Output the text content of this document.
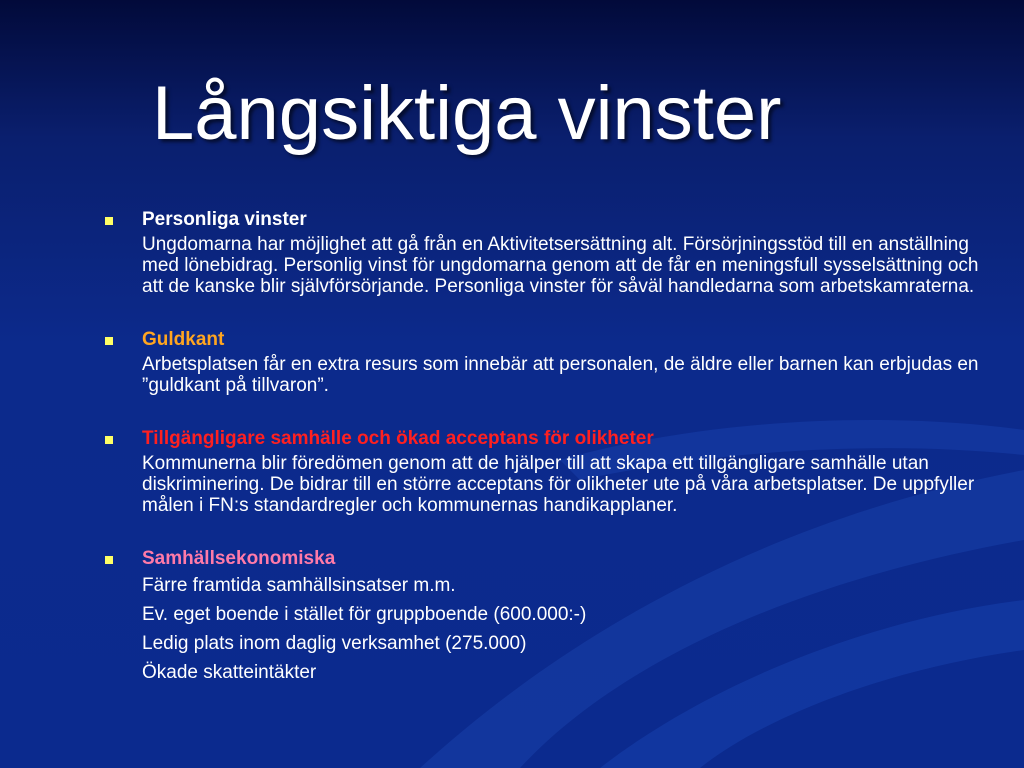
Långsiktiga vinster
Personliga vinster
Ungdomarna har möjlighet att gå från en Aktivitetsersättning alt. Försörjningsstöd till en anställning med lönebidrag. Personlig vinst för ungdomarna genom att de får en meningsfull sysselsättning och att de kanske blir självförsörjande. Personliga vinster för såväl handledarna som arbetskamraterna.
Guldkant
Arbetsplatsen får en extra resurs som innebär att personalen, de äldre eller barnen kan erbjudas en ”guldkant på tillvaron”.
Tillgängligare samhälle och ökad acceptans för olikheter
Kommunerna blir föredömen genom att de hjälper till att skapa ett tillgängligare samhälle utan diskriminering. De bidrar till en större acceptans för olikheter ute på våra arbetsplatser. De uppfyller målen i FN:s standardregler och kommunernas handikapplaner.
Samhällsekonomiska
Färre framtida samhällsinsatser m.m.
Ev. eget boende i stället för gruppboende (600.000:-)
Ledig plats inom daglig verksamhet (275.000)
Ökade skatteintäkter
